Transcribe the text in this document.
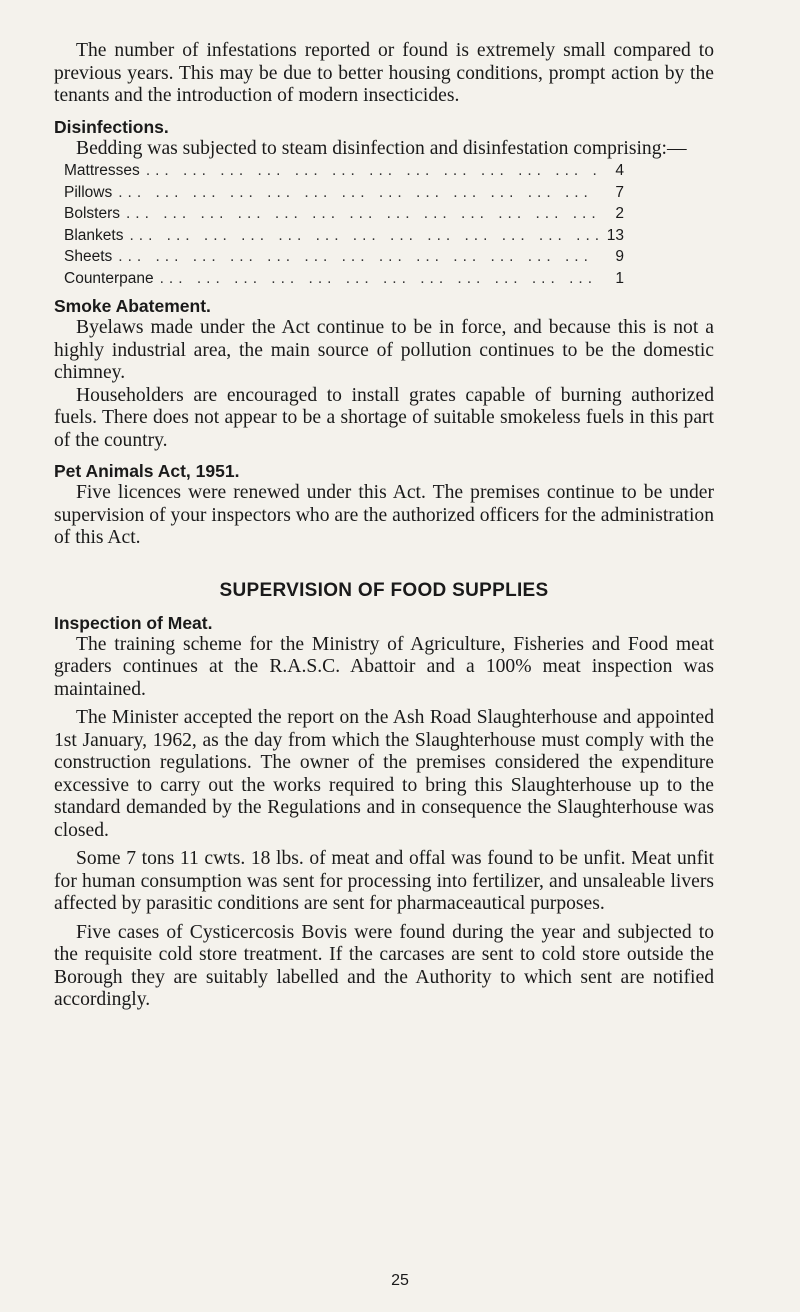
The number of infestations reported or found is extremely small compared to previous years. This may be due to better housing conditions, prompt action by the tenants and the introduction of modern insecticides.

Disinfections.

Bedding was subjected to steam disinfection and disinfestation comprising:—

Mattresses ... .	4
Pillows ... .	7
Bolsters ... .	2
Blankets ... .	13
Sheets ... .	9
Counterpane ... .	1
Smoke Abatement.

Byelaws made under the Act continue to be in force, and because this is not a highly industrial area, the main source of pollution continues to be the domestic chimney.

Householders are encouraged to install grates capable of burning authorized fuels. There does not appear to be a shortage of suitable smokeless fuels in this part of the country.

Pet Animals Act, 1951.

Five licences were renewed under this Act. The premises continue to be under supervision of your inspectors who are the authorized officers for the administration of this Act.

SUPERVISION OF FOOD SUPPLIES
Inspection of Meat.

The training scheme for the Ministry of Agriculture, Fisheries and Food meat graders continues at the R.A.S.C. Abattoir and a 100% meat inspection was maintained.

The Minister accepted the report on the Ash Road Slaughterhouse and appointed 1st January, 1962, as the day from which the Slaughterhouse must comply with the construction regulations. The owner of the premises considered the expenditure excessive to carry out the works required to bring this Slaughterhouse up to the standard demanded by the Regulations and in consequence the Slaughterhouse was closed.

Some 7 tons 11 cwts. 18 lbs. of meat and offal was found to be unfit. Meat unfit for human consumption was sent for processing into fertilizer, and unsaleable livers affected by parasitic conditions are sent for pharmaceautical purposes.

Five cases of Cysticercosis Bovis were found during the year and subjected to the requisite cold store treatment. If the carcases are sent to cold store outside the Borough they are suitably labelled and the Authority to which sent are notified accordingly.

25
